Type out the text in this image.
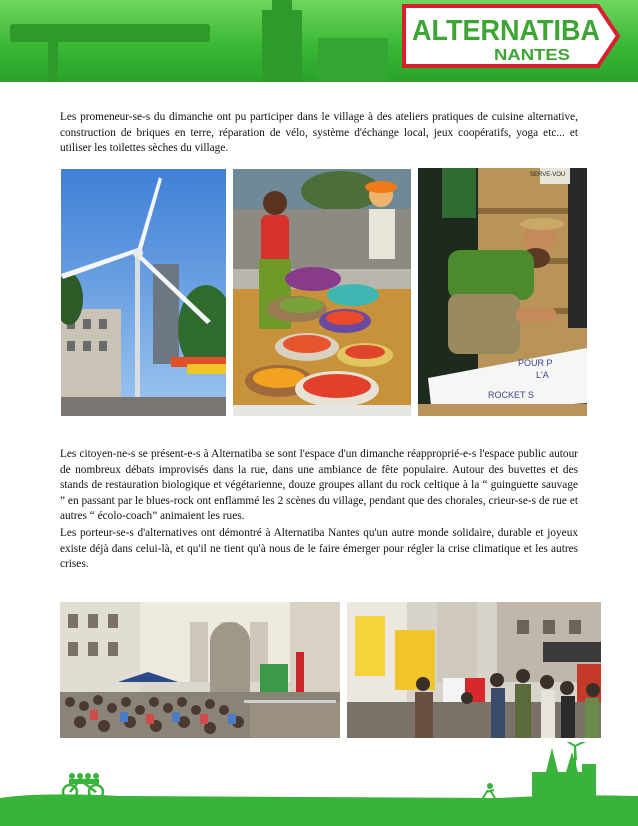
ALTERNATIBA
NANTES

Les promeneur-se-s du dimanche ont pu participer dans le village à des ateliers pratiques de cuisine alternative, construction de briques en terre, réparation de vélo, système d'échange local, jeux coopératifs, yoga etc... et utiliser les toilettes sèches du village.

POUR P
L'A
ROCKET S
SERVE-VOU

Les citoyen-ne-s se présent-e-s à Alternatiba se sont l'espace d'un dimanche réapproprié-e-s l'espace public autour de nombreux débats improvisés dans la rue, dans une ambiance de fête populaire. Autour des buvettes et des stands de restauration biologique et végétarienne, douze groupes allant du rock celtique à la “ guinguette sauvage ” en passant par le blues-rock ont enflammé les 2 scènes du village, pendant que des chorales, crieur-se-s de rue et autres “ écolo-coach” animaient les rues.

Les porteur-se-s d'alternatives ont démontré à Alternatiba Nantes qu'un autre monde solidaire, durable et joyeux existe déjà dans celui-là, et qu'il ne tient qu'à nous de le faire émerger pour régler la crise climatique et les autres crises.
